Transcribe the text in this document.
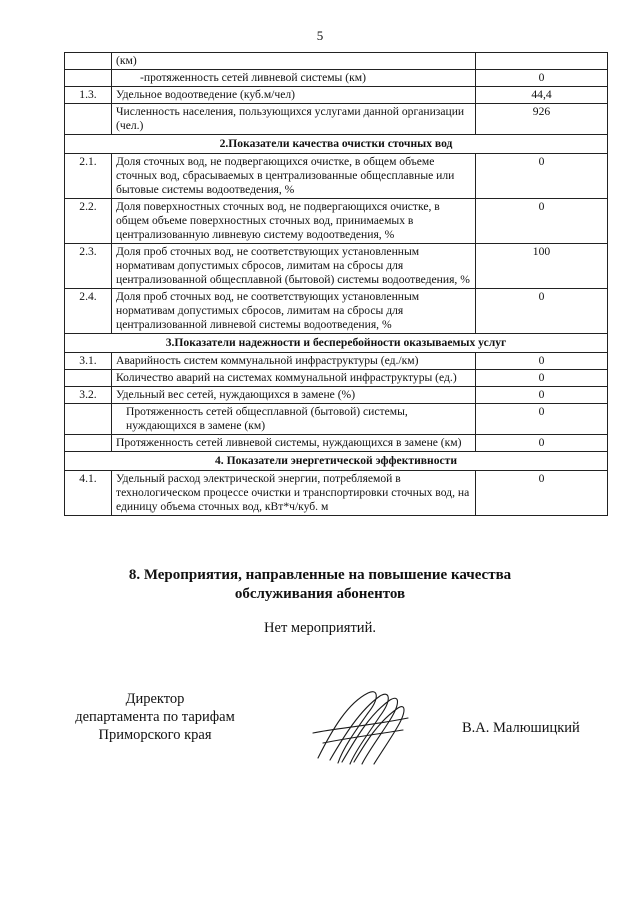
5
	(км)	
	-протяженность сетей ливневой системы (км)	0
1.3.	Удельное водоотведение (куб.м/чел)	44,4
	Численность населения, пользующихся услугами данной организации (чел.)	926
2.Показатели качества очистки сточных вод		
2.1.	Доля сточных вод, не подвергающихся очистке, в общем объеме сточных вод, сбрасываемых в централизованные общесплавные или бытовые системы водоотведения, %	0
2.2.	Доля поверхностных сточных вод, не подвергающихся очистке, в общем объеме поверхностных сточных вод, принимаемых в централизованную ливневую систему водоотведения, %	0
2.3.	Доля проб сточных вод, не соответствующих установленным нормативам допустимых сбросов, лимитам на сбросы для централизованной общесплавной (бытовой) системы водоотведения, %	100
2.4.	Доля проб сточных вод, не соответствующих установленным нормативам допустимых сбросов, лимитам на сбросы для централизованной ливневой системы водоотведения, %	0
3.Показатели надежности и бесперебойности оказываемых услуг		
3.1.	Аварийность систем коммунальной инфраструктуры (ед./км)	0
	Количество аварий на системах коммунальной инфраструктуры (ед.)	0
3.2.	Удельный вес сетей, нуждающихся в замене (%)	0
	Протяженность сетей общесплавной (бытовой) системы, нуждающихся в замене (км)	0
	Протяженность сетей ливневой системы, нуждающихся в замене (км)	0
4. Показатели энергетической эффективности		
4.1.	Удельный расход электрической энергии, потребляемой в технологическом процессе очистки и транспортировки сточных вод, на единицу объема сточных вод, кВт*ч/куб. м	0
8. Мероприятия, направленные на повышение качества
обслуживания абонентов
Нет мероприятий.
Директор
департамента по тарифам
Приморского края	В.А. Малюшицкий
